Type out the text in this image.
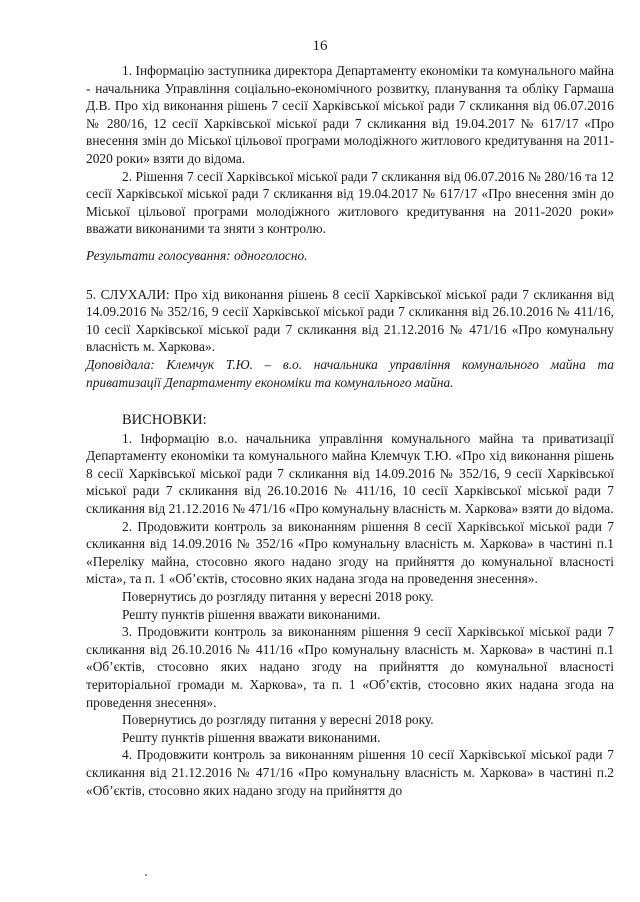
16

1. Інформацію заступника директора Департаменту економіки та комунального майна - начальника Управління соціально-економічного розвитку, планування та обліку Гармаша Д.В. Про хід виконання рішень 7 сесії Харківської міської ради 7 скликання від 06.07.2016 № 280/16, 12 сесії Харківської міської ради 7 скликання від 19.04.2017 № 617/17 «Про внесення змін до Міської цільової програми молодіжного житлового кредитування на 2011-2020 роки» взяти до відома.

2. Рішення 7 сесії Харківської міської ради 7 скликання від 06.07.2016 № 280/16 та 12 сесії Харківської міської ради 7 скликання від 19.04.2017 № 617/17 «Про внесення змін до Міської цільової програми молодіжного житлового кредитування на 2011-2020 роки» вважати виконаними та зняти з контролю.

Результати голосування: одноголосно.

5. СЛУХАЛИ: Про хід виконання рішень 8 сесії Харківської міської ради 7 скликання від 14.09.2016 № 352/16, 9 сесії Харківської міської ради 7 скликання від 26.10.2016 № 411/16, 10 сесії Харківської міської ради 7 скликання від 21.12.2016 № 471/16 «Про комунальну власність м. Харкова».

Доповідала: Клемчук Т.Ю. – в.о. начальника управління комунального майна та приватизації Департаменту економіки та комунального майна.

ВИСНОВКИ:

1. Інформацію в.о. начальника управління комунального майна та приватизації Департаменту економіки та комунального майна Клемчук Т.Ю. «Про хід виконання рішень 8 сесії Харківської міської ради 7 скликання від 14.09.2016 № 352/16, 9 сесії Харківської міської ради 7 скликання від 26.10.2016 № 411/16, 10 сесії Харківської міської ради 7 скликання від 21.12.2016 № 471/16 «Про комунальну власність м. Харкова» взяти до відома.

2. Продовжити контроль за виконанням рішення 8 сесії Харківської міської ради 7 скликання від 14.09.2016 № 352/16 «Про комунальну власність м. Харкова» в частині п.1 «Переліку майна, стосовно якого надано згоду на прийняття до комунальної власності міста», та п. 1 «Об’єктів, стосовно яких надана згода на проведення знесення».

Повернутись до розгляду питання у вересні 2018 року.

Решту пунктів рішення вважати виконаними.

3. Продовжити контроль за виконанням рішення 9 сесії Харківської міської ради 7 скликання від 26.10.2016 № 411/16 «Про комунальну власність м. Харкова» в частині п.1 «Об’єктів, стосовно яких надано згоду на прийняття до комунальної власності територіальної громади м. Харкова», та п. 1 «Об’єктів, стосовно яких надана згода на проведення знесення».

Повернутись до розгляду питання у вересні 2018 року.

Решту пунктів рішення вважати виконаними.

4. Продовжити контроль за виконанням рішення 10 сесії Харківської міської ради 7 скликання від 21.12.2016 № 471/16 «Про комунальну власність м. Харкова» в частині п.2 «Об’єктів, стосовно яких надано згоду на прийняття до
